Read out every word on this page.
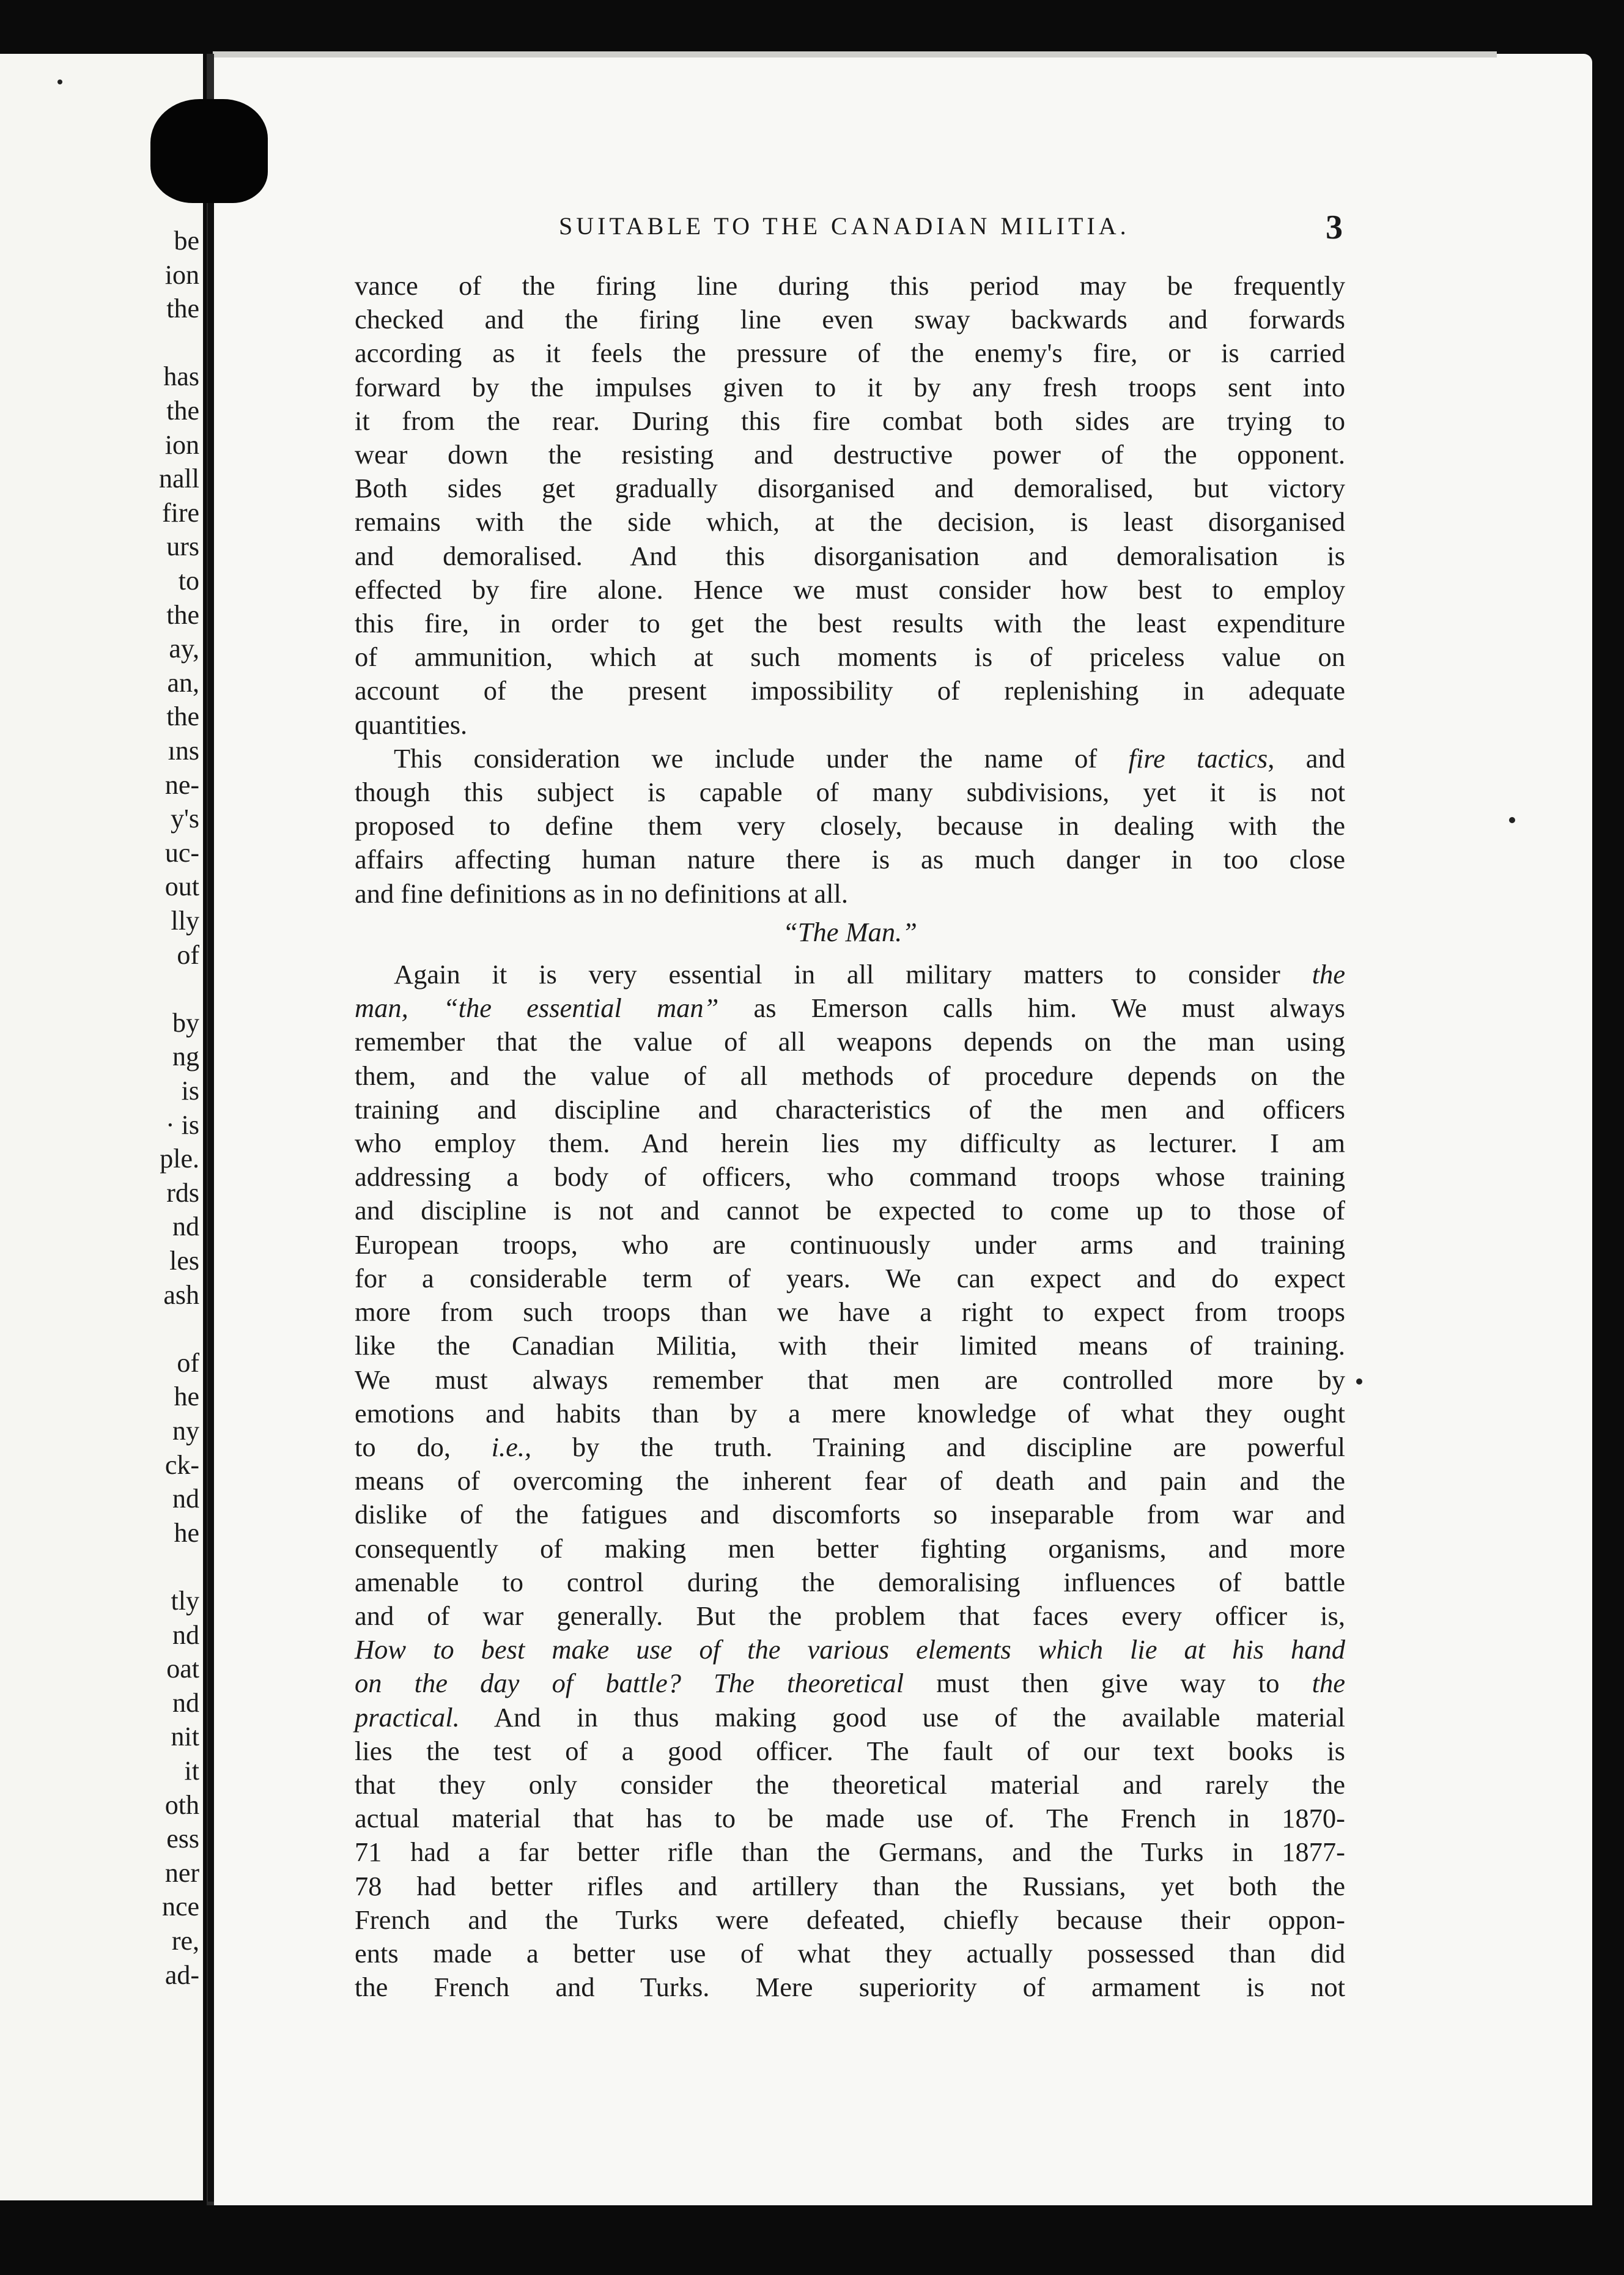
be
ion
the
has
the
ion
nall
fire
urs
to
the
ay,
an,
the
ıns
ne-
y's
uc-
out
lly
of
by
ng
is
· is
ple.
rds
nd
les
ash
of
he
ny
ck-
nd
he
tly
nd
oat
nd
nit
it
oth
ess
ner
nce
re,
ad-
SUITABLE TO THE CANADIAN MILITIA.	3

vance of the firing line during this period may be frequently
checked and the firing line even sway backwards and forwards
according as it feels the pressure of the enemy's fire, or is carried
forward by the impulses given to it by any fresh troops sent into
it from the rear. During this fire combat both sides are trying to
wear down the resisting and destructive power of the opponent.
Both sides get gradually disorganised and demoralised, but victory
remains with the side which, at the decision, is least disorganised
and demoralised. And this disorganisation and demoralisation is
effected by fire alone. Hence we must consider how best to employ
this fire, in order to get the best results with the least expenditure
of ammunition, which at such moments is of priceless value on
account of the present impossibility of replenishing in adequate
quantities.

This consideration we include under the name of fire tactics, and
though this subject is capable of many subdivisions, yet it is not
proposed to define them very closely, because in dealing with the
affairs affecting human nature there is as much danger in too close
and fine definitions as in no definitions at all.

“The Man.”

Again it is very essential in all military matters to consider the
man, “the essential man” as Emerson calls him. We must always
remember that the value of all weapons depends on the man using
them, and the value of all methods of procedure depends on the
training and discipline and characteristics of the men and officers
who employ them. And herein lies my difficulty as lecturer. I am
addressing a body of officers, who command troops whose training
and discipline is not and cannot be expected to come up to those of
European troops, who are continuously under arms and training
for a considerable term of years. We can expect and do expect
more from such troops than we have a right to expect from troops
like the Canadian Militia, with their limited means of training.
We must always remember that men are controlled more by
emotions and habits than by a mere knowledge of what they ought
to do, i.e., by the truth. Training and discipline are powerful
means of overcoming the inherent fear of death and pain and the
dislike of the fatigues and discomforts so inseparable from war and
consequently of making men better fighting organisms, and more
amenable to control during the demoralising influences of battle
and of war generally. But the problem that faces every officer is,
How to best make use of the various elements which lie at his hand
on the day of battle? The theoretical must then give way to the
practical. And in thus making good use of the available material
lies the test of a good officer. The fault of our text books is
that they only consider the theoretical material and rarely the
actual material that has to be made use of. The French in 1870-
71 had a far better rifle than the Germans, and the Turks in 1877-
78 had better rifles and artillery than the Russians, yet both the
French and the Turks were defeated, chiefly because their oppon-
ents made a better use of what they actually possessed than did
the French and Turks. Mere superiority of armament is not
